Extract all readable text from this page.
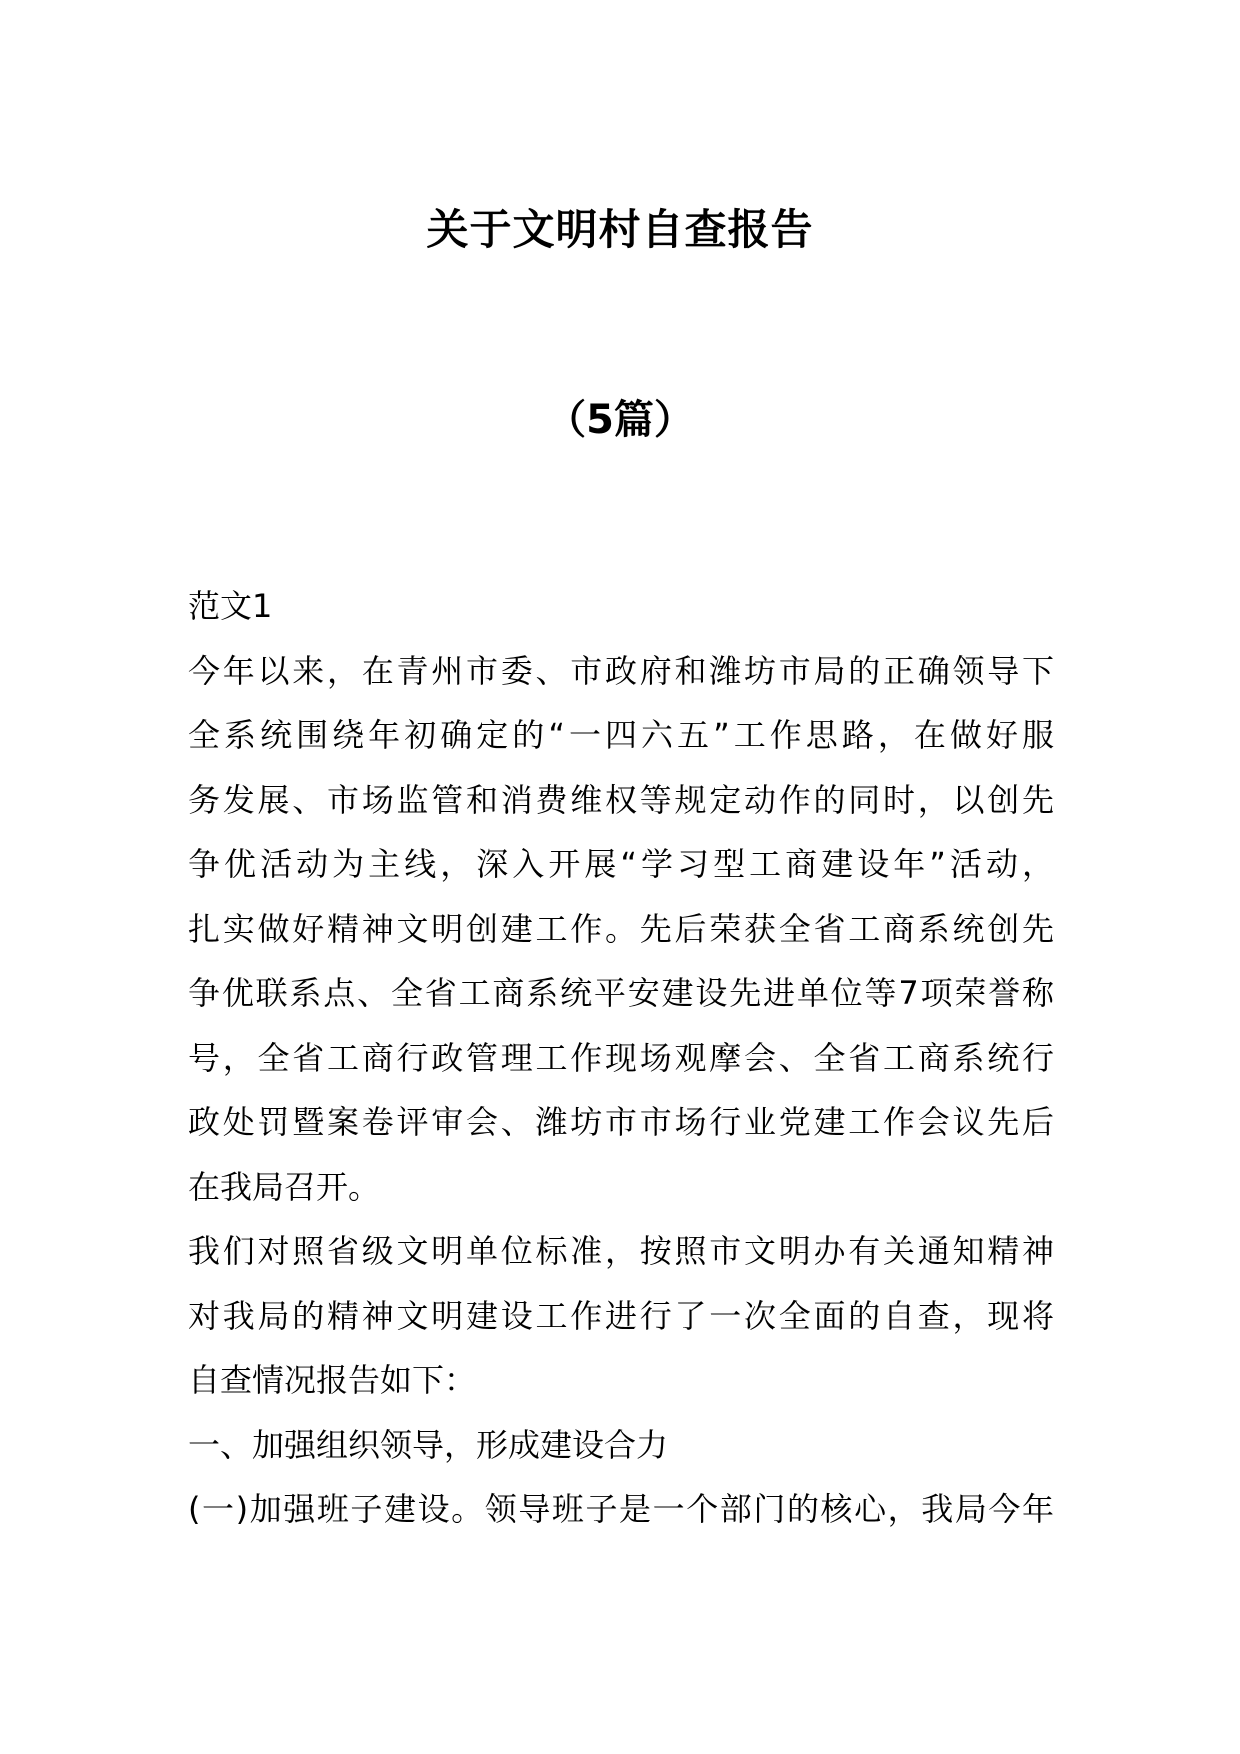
关于文明村自查报告
（5篇）
范文1
今年以来，在青州市委、市政府和潍坊市局的正确领导下
全系统围绕年初确定的“一四六五”工作思路，在做好服
务发展、市场监管和消费维权等规定动作的同时，以创先
争优活动为主线，深入开展“学习型工商建设年”活动，
扎实做好精神文明创建工作。先后荣获全省工商系统创先
争优联系点、全省工商系统平安建设先进单位等7项荣誉称
号，全省工商行政管理工作现场观摩会、全省工商系统行
政处罚暨案卷评审会、潍坊市市场行业党建工作会议先后
在我局召开。
我们对照省级文明单位标准，按照市文明办有关通知精神
对我局的精神文明建设工作进行了一次全面的自查，现将
自查情况报告如下：
一、加强组织领导，形成建设合力
(一)加强班子建设。领导班子是一个部门的核心，我局今年
